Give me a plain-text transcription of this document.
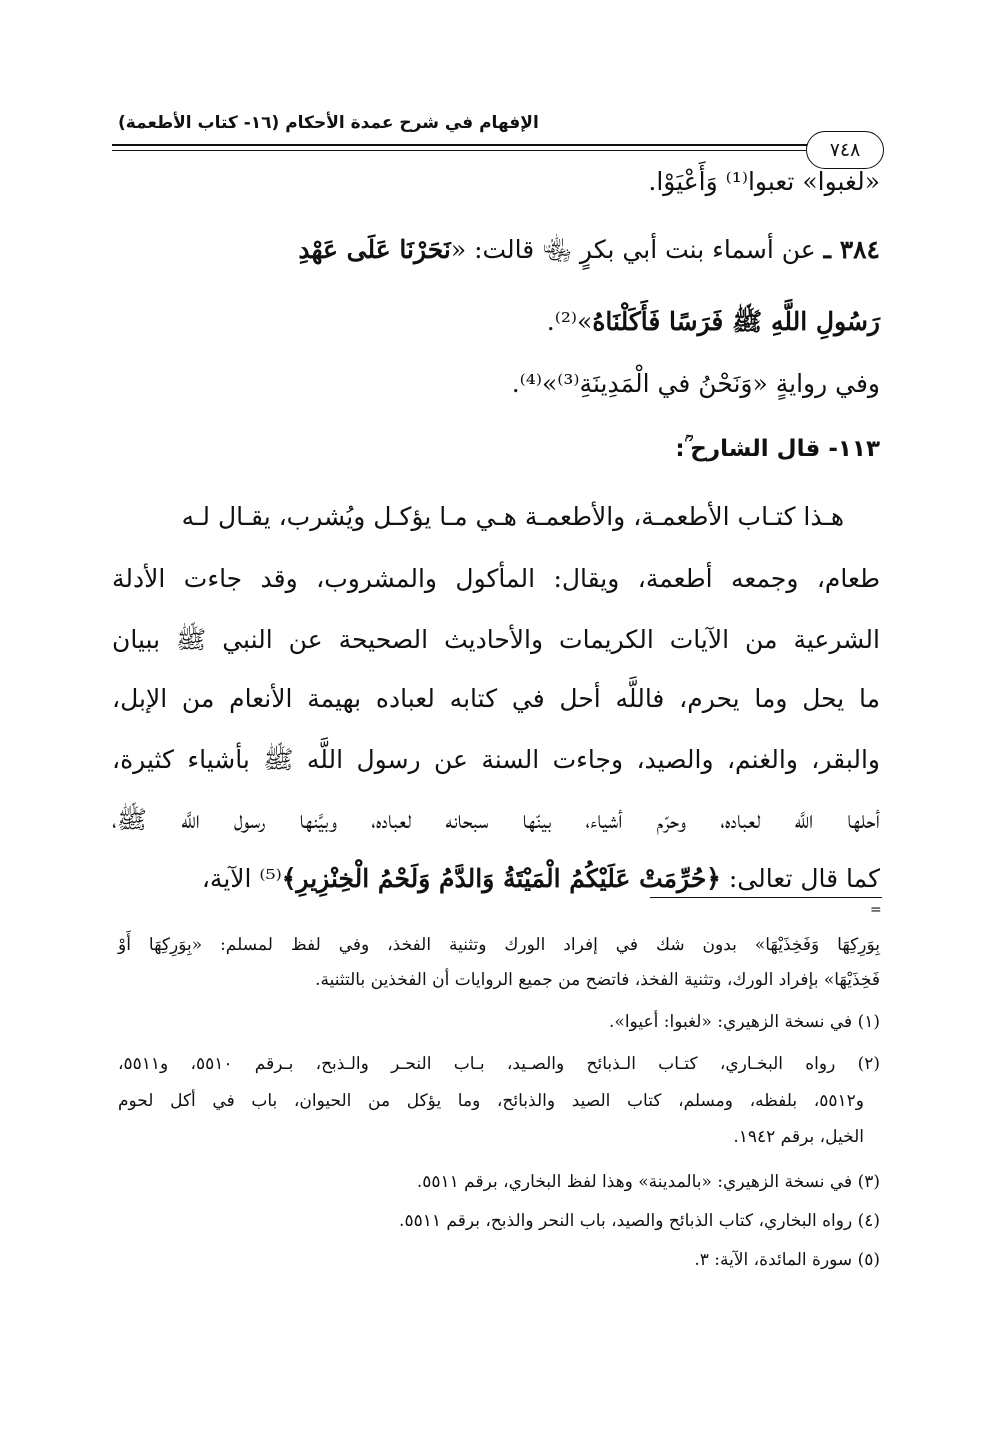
الإفهام في شرح عمدة الأحكام (١٦- كتاب الأطعمة)
٧٤٨
«لغبوا» تعبوا⁽¹⁾ وَأَعْيَوْا.
٣٨٤ ـ عن أسماء بنت أبي بكرٍ ﵄ قالت: «نَحَرْنَا عَلَى عَهْدِ
رَسُولِ اللَّهِ ﷺ فَرَسًا فَأَكَلْنَاهُ»⁽²⁾.
وفي روايةٍ «وَنَحْنُ في الْمَدِينَةِ⁽³⁾»⁽⁴⁾.
١١٣- قال الشارح ؒ:
هـذا كتـاب الأطعمـة، والأطعمـة هـي مـا يؤكـل ويُشرب، يقـال لـه
طعام، وجمعه أطعمة، ويقال: المأكول والمشروب، وقد جاءت الأدلة
الشرعية من الآيات الكريمات والأحاديث الصحيحة عن النبي ﷺ ببيان
ما يحل وما يحرم، فاللَّه أحل في كتابه لعباده بهيمة الأنعام من الإبل،
والبقر، والغنم، والصيد، وجاءت السنة عن رسول اللَّه ﷺ بأشياء كثيرة،
أحلها اللَّه لعباده، وحرّم أشياء، بينّها سبحانه لعباده، وبيَّنها رسول اللَّه ﷺ،
كما قال تعالى: ﴿حُرِّمَتْ عَلَيْكُمُ الْمَيْتَةُ وَالدَّمُ وَلَحْمُ الْخِنْزِيرِ﴾⁽⁵⁾ الآية،
=
بِوَرِكِهَا وَفَخِذَيْهَا» بدون شك في إفراد الورك وتثنية الفخذ، وفي لفظ لمسلم: «بِوَرِكِهَا أَوْ
فَخِذَيْهَا» بإفراد الورك، وتثنية الفخذ، فاتضح من جميع الروايات أن الفخذين بالتثنية.
(١) في نسخة الزهيري: «لغبوا: أعيوا».
(٢) رواه البخـاري، كتـاب الـذبائح والصـيد، بـاب النحـر والـذبح، بـرقم ٥٥١٠، و٥٥١١،
و٥٥١٢، بلفظه، ومسلم، كتاب الصيد والذبائح، وما يؤكل من الحيوان، باب في أكل لحوم
الخيل، برقم ١٩٤٢.
(٣) في نسخة الزهيري: «بالمدينة» وهذا لفظ البخاري، برقم ٥٥١١.
(٤) رواه البخاري، كتاب الذبائح والصيد، باب النحر والذبح، برقم ٥٥١١.
(٥) سورة المائدة، الآية: ٣.
